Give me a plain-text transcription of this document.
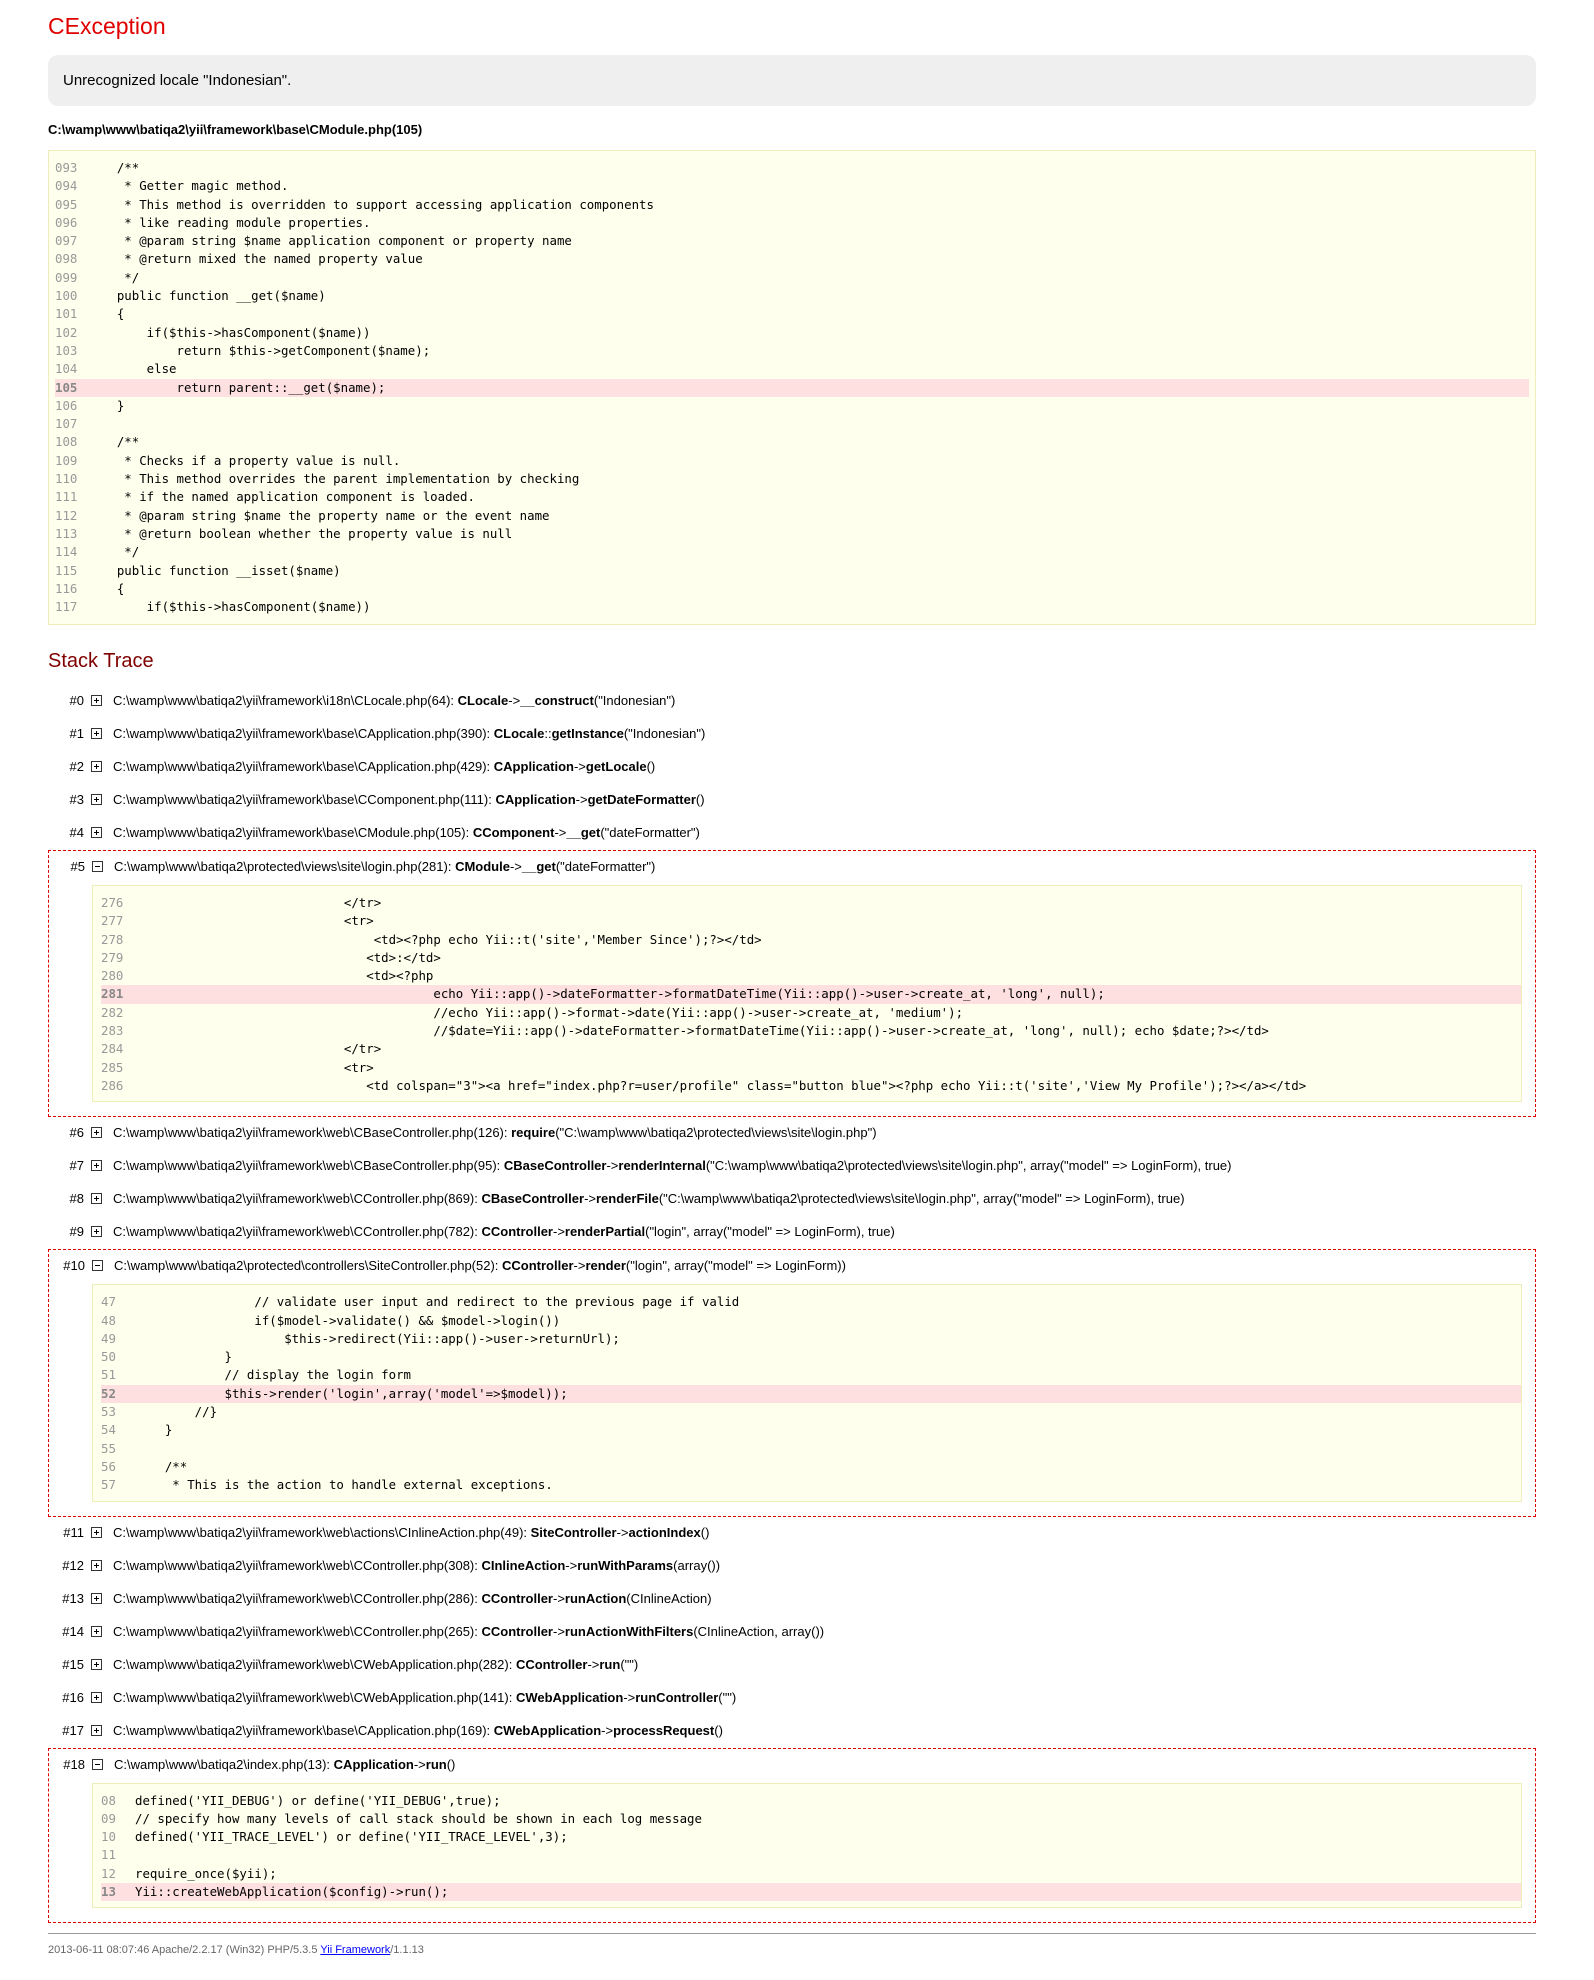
CException
Unrecognized locale "Indonesian".
C:\wamp\www\batiqa2\yii\framework\base\CModule.php(105)
093    /**
094     * Getter magic method.
095     * This method is overridden to support accessing application components
096     * like reading module properties.
097     * @param string $name application component or property name
098     * @return mixed the named property value
099     */
100    public function __get($name)
101    {
102        if($this->hasComponent($name))
103            return $this->getComponent($name);
104        else
105            return parent::__get($name);
106    }
107
108    /**
109     * Checks if a property value is null.
110     * This method overrides the parent implementation by checking
111     * if the named application component is loaded.
112     * @param string $name the property name or the event name
113     * @return boolean whether the property value is null
114     */
115    public function __isset($name)
116    {
117        if($this->hasComponent($name))
Stack Trace
#0 C:\wamp\www\batiqa2\yii\framework\i18n\CLocale.php(64): CLocale->__construct("Indonesian")
#1 C:\wamp\www\batiqa2\yii\framework\base\CApplication.php(390): CLocale::getInstance("Indonesian")
#2 C:\wamp\www\batiqa2\yii\framework\base\CApplication.php(429): CApplication->getLocale()
#3 C:\wamp\www\batiqa2\yii\framework\base\CComponent.php(111): CApplication->getDateFormatter()
#4 C:\wamp\www\batiqa2\yii\framework\base\CModule.php(105): CComponent->__get("dateFormatter")
#5 C:\wamp\www\batiqa2\protected\views\site\login.php(281): CModule->__get("dateFormatter")
276                            </tr>
277                            <tr>
278                                <td><?php echo Yii::t('site','Member Since');?></td>
279                               <td>:</td>
280                               <td><?php
281                                        echo Yii::app()->dateFormatter->formatDateTime(Yii::app()->user->create_at, 'long', null);
282                                        //echo Yii::app()->format->date(Yii::app()->user->create_at, 'medium');
283                                        //$date=Yii::app()->dateFormatter->formatDateTime(Yii::app()->user->create_at, 'long', null); echo $date;?></td>
284                            </tr>
285                            <tr>
286                               <td colspan="3"><a href="index.php?r=user/profile" class="button blue"><?php echo Yii::t('site','View My Profile');?></a></td>
#6 C:\wamp\www\batiqa2\yii\framework\web\CBaseController.php(126): require("C:\wamp\www\batiqa2\protected\views\site\login.php")
#7 C:\wamp\www\batiqa2\yii\framework\web\CBaseController.php(95): CBaseController->renderInternal("C:\wamp\www\batiqa2\protected\views\site\login.php", array("model" => LoginForm), true)
#8 C:\wamp\www\batiqa2\yii\framework\web\CController.php(869): CBaseController->renderFile("C:\wamp\www\batiqa2\protected\views\site\login.php", array("model" => LoginForm), true)
#9 C:\wamp\www\batiqa2\yii\framework\web\CController.php(782): CController->renderPartial("login", array("model" => LoginForm), true)
#10 C:\wamp\www\batiqa2\protected\controllers\SiteController.php(52): CController->render("login", array("model" => LoginForm))
47                // validate user input and redirect to the previous page if valid
48                if($model->validate() && $model->login())
49                    $this->redirect(Yii::app()->user->returnUrl);
50            }
51            // display the login form
52            $this->render('login',array('model'=>$model));
53        //}
54    }
55
56    /**
57     * This is the action to handle external exceptions.
#11 C:\wamp\www\batiqa2\yii\framework\web\actions\CInlineAction.php(49): SiteController->actionIndex()
#12 C:\wamp\www\batiqa2\yii\framework\web\CController.php(308): CInlineAction->runWithParams(array())
#13 C:\wamp\www\batiqa2\yii\framework\web\CController.php(286): CController->runAction(CInlineAction)
#14 C:\wamp\www\batiqa2\yii\framework\web\CController.php(265): CController->runActionWithFilters(CInlineAction, array())
#15 C:\wamp\www\batiqa2\yii\framework\web\CWebApplication.php(282): CController->run("")
#16 C:\wamp\www\batiqa2\yii\framework\web\CWebApplication.php(141): CWebApplication->runController("")
#17 C:\wamp\www\batiqa2\yii\framework\base\CApplication.php(169): CWebApplication->processRequest()
#18 C:\wamp\www\batiqa2\index.php(13): CApplication->run()
08 defined('YII_DEBUG') or define('YII_DEBUG',true);
09 // specify how many levels of call stack should be shown in each log message
10 defined('YII_TRACE_LEVEL') or define('YII_TRACE_LEVEL',3);
11
12 require_once($yii);
13 Yii::createWebApplication($config)->run();
2013-06-11 08:07:46 Apache/2.2.17 (Win32) PHP/5.3.5 Yii Framework/1.1.13
